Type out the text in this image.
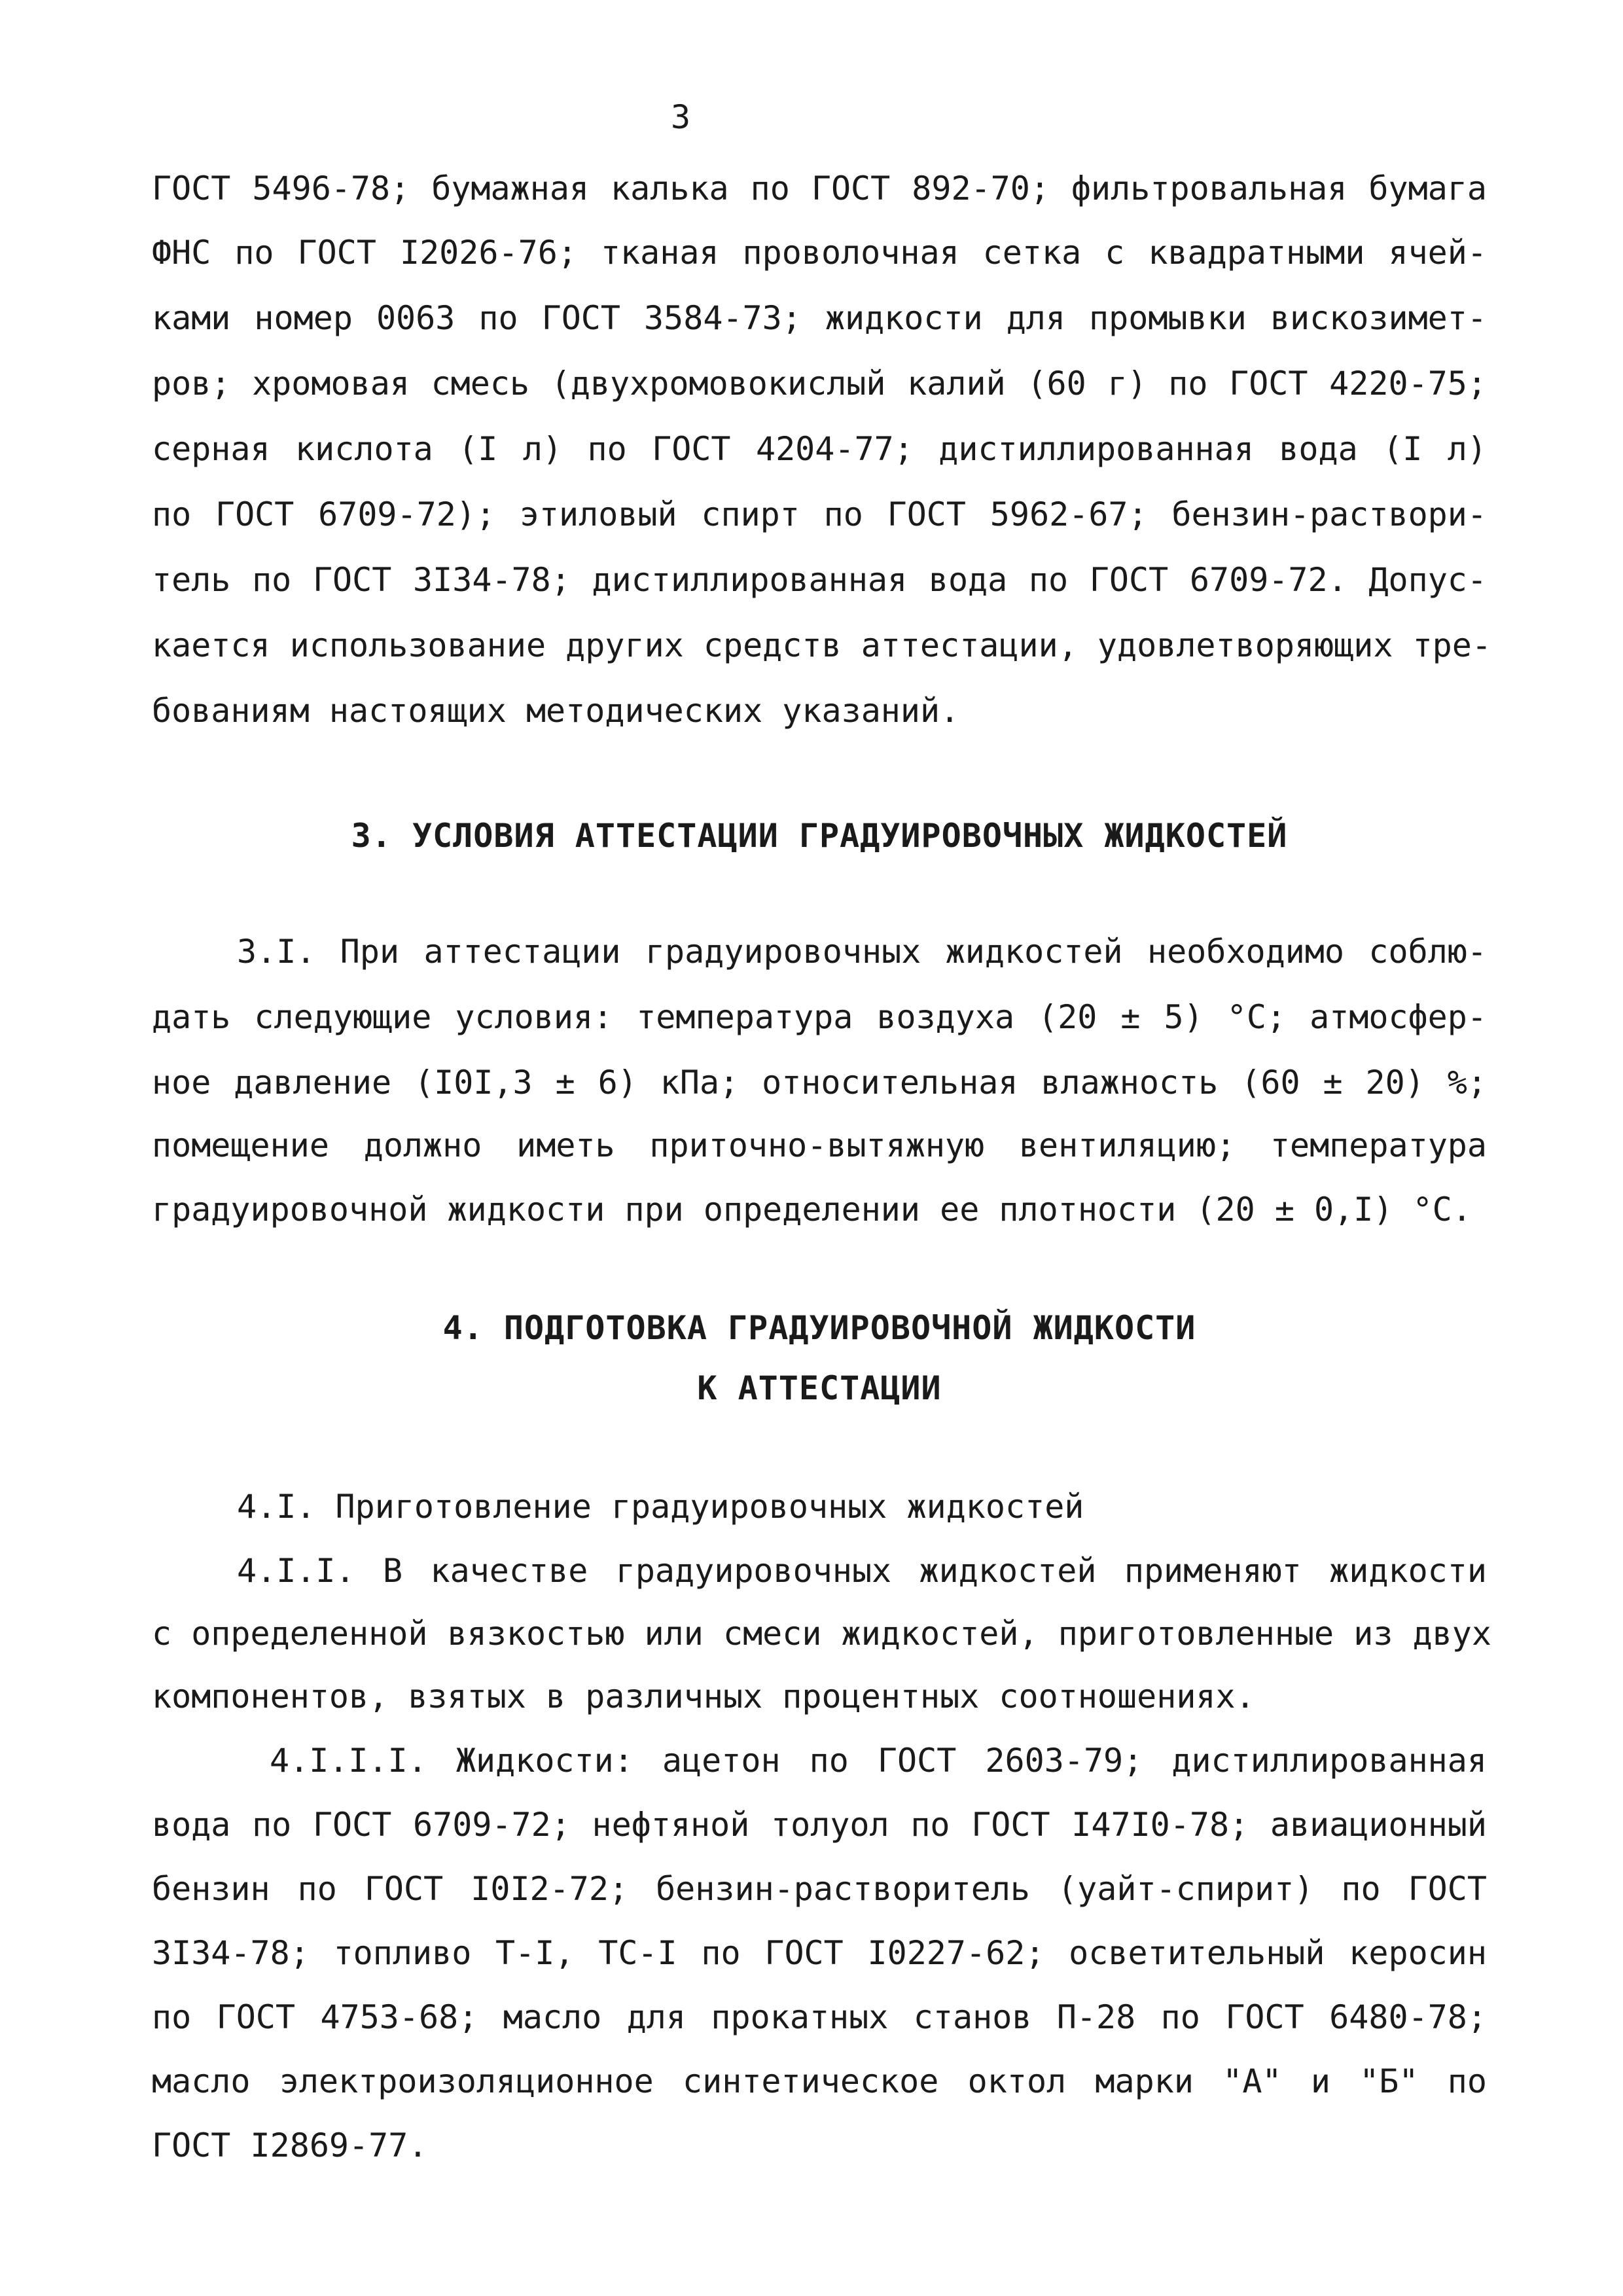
3
ГОСТ 5496-78; бумажная калька по ГОСТ 892-70; фильтровальная бумага
ФНС по ГОСТ I2026-76; тканая проволочная сетка с квадратными ячей-
ками номер 0063 по ГОСТ 3584-73; жидкости для промывки вискозимет-
ров; хромовая смесь (двухромовокислый калий (60 г) по ГОСТ 4220-75;
серная кислота (I л) по ГОСТ 4204-77; дистиллированная вода (I л)
по ГОСТ 6709-72); этиловый спирт по ГОСТ 5962-67; бензин-раствори-
тель по ГОСТ 3I34-78; дистиллированная вода по ГОСТ 6709-72. Допус-
кается использование других средств аттестации, удовлетворяющих тре-
бованиям настоящих методических указаний.
3. УСЛОВИЯ АТТЕСТАЦИИ ГРАДУИРОВОЧНЫХ ЖИДКОСТЕЙ
3.I. При аттестации градуировочных жидкостей необходимо соблю-
дать следующие условия: температура воздуха (20 ± 5) °С; атмосфер-
ное давление (I0I,3 ± 6) кПа; относительная влажность (60 ± 20) %;
помещение должно иметь приточно-вытяжную вентиляцию; температура
градуировочной жидкости при определении ее плотности (20 ± 0,I) °С.
4. ПОДГОТОВКА ГРАДУИРОВОЧНОЙ ЖИДКОСТИ
К АТТЕСТАЦИИ
4.I. Приготовление градуировочных жидкостей
4.I.I. В качестве градуировочных жидкостей применяют жидкости
с определенной вязкостью или смеси жидкостей, приготовленные из двух
компонентов, взятых в различных процентных соотношениях.
4.I.I.I. Жидкости: ацетон по ГОСТ 2603-79; дистиллированная
вода по ГОСТ 6709-72; нефтяной толуол по ГОСТ I47I0-78; авиационный
бензин по ГОСТ I0I2-72; бензин-растворитель (уайт-спирит) по ГОСТ
3I34-78; топливо Т-I, ТС-I по ГОСТ I0227-62; осветительный керосин
по ГОСТ 4753-68; масло для прокатных станов П-28 по ГОСТ 6480-78;
масло электроизоляционное синтетическое октол марки "А" и "Б" по
ГОСТ I2869-77.
